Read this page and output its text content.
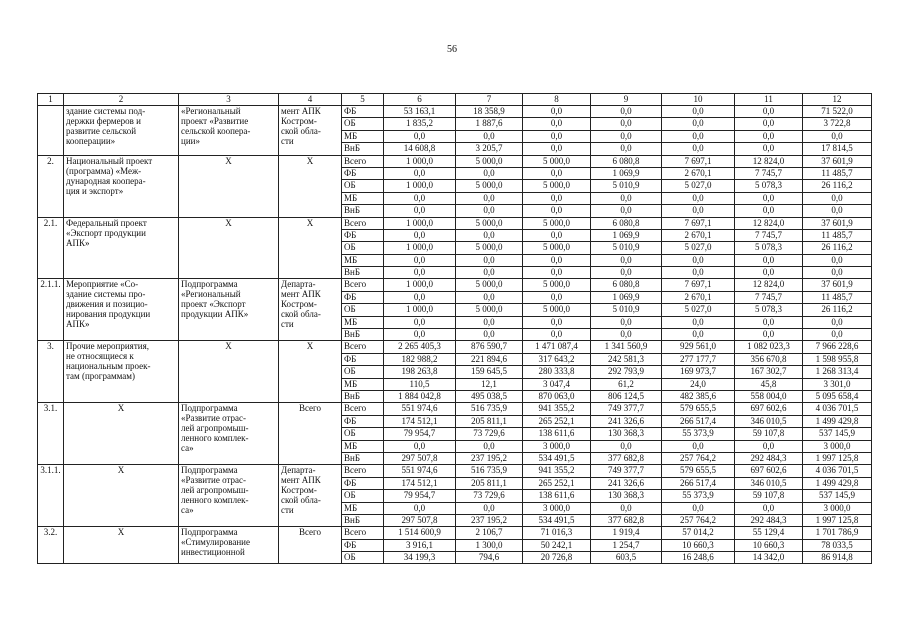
56
1	2	3	4	5	6	7	8	9	10	11	12
	здание системы под-
держки фермеров и
развитие сельской
кооперации»	«Региональный
проект «Развитие
сельской коопера-
ции»	мент АПК
Костром-
ской обла-
сти	ФБ	53 163,1	18 358,9	0,0	0,0	0,0	0,0	71 522,0
				ОБ	1 835,2	1 887,6	0,0	0,0	0,0	0,0	3 722,8
				МБ	0,0	0,0	0,0	0,0	0,0	0,0	0,0
				ВнБ	14 608,8	3 205,7	0,0	0,0	0,0	0,0	17 814,5
2.	Национальный проект
(программа) «Меж-
дународная коопера-
ция и экспорт»	Х	Х	Всего	1 000,0	5 000,0	5 000,0	6 080,8	7 697,1	12 824,0	37 601,9
				ФБ	0,0	0,0	0,0	1 069,9	2 670,1	7 745,7	11 485,7
				ОБ	1 000,0	5 000,0	5 000,0	5 010,9	5 027,0	5 078,3	26 116,2
				МБ	0,0	0,0	0,0	0,0	0,0	0,0	0,0
				ВнБ	0,0	0,0	0,0	0,0	0,0	0,0	0,0
2.1.	Федеральный проект
«Экспорт продукции
АПК»	Х	Х	Всего	1 000,0	5 000,0	5 000,0	6 080,8	7 697,1	12 824,0	37 601,9
				ФБ	0,0	0,0	0,0	1 069,9	2 670,1	7 745,7	11 485,7
				ОБ	1 000,0	5 000,0	5 000,0	5 010,9	5 027,0	5 078,3	26 116,2
				МБ	0,0	0,0	0,0	0,0	0,0	0,0	0,0
				ВнБ	0,0	0,0	0,0	0,0	0,0	0,0	0,0
2.1.1.	Мероприятие «Со-
здание системы про-
движения и позицио-
нирования продукции
АПК»	Подпрограмма
«Региональный
проект «Экспорт
продукции АПК»	Департа-
мент АПК
Костром-
ской обла-
сти	Всего	1 000,0	5 000,0	5 000,0	6 080,8	7 697,1	12 824,0	37 601,9
				ФБ	0,0	0,0	0,0	1 069,9	2 670,1	7 745,7	11 485,7
				ОБ	1 000,0	5 000,0	5 000,0	5 010,9	5 027,0	5 078,3	26 116,2
				МБ	0,0	0,0	0,0	0,0	0,0	0,0	0,0
				ВнБ	0,0	0,0	0,0	0,0	0,0	0,0	0,0
3.	Прочие мероприятия,
не относящиеся к
национальным проек-
там (программам)	Х	Х	Всего	2 265 405,3	876 590,7	1 471 087,4	1 341 560,9	929 561,0	1 082 023,3	7 966 228,6
				ФБ	182 988,2	221 894,6	317 643,2	242 581,3	277 177,7	356 670,8	1 598 955,8
				ОБ	198 263,8	159 645,5	280 333,8	292 793,9	169 973,7	167 302,7	1 268 313,4
				МБ	110,5	12,1	3 047,4	61,2	24,0	45,8	3 301,0
				ВнБ	1 884 042,8	495 038,5	870 063,0	806 124,5	482 385,6	558 004,0	5 095 658,4
3.1.	Х	Подпрограмма
«Развитие отрас-
лей агропромыш-
ленного комплек-
са»	Всего	Всего	551 974,6	516 735,9	941 355,2	749 377,7	579 655,5	697 602,6	4 036 701,5
				ФБ	174 512,1	205 811,1	265 252,1	241 326,6	266 517,4	346 010,5	1 499 429,8
				ОБ	79 954,7	73 729,6	138 611,6	130 368,3	55 373,9	59 107,8	537 145,9
				МБ	0,0	0,0	3 000,0	0,0	0,0	0,0	3 000,0
				ВнБ	297 507,8	237 195,2	534 491,5	377 682,8	257 764,2	292 484,3	1 997 125,8
3.1.1.	Х	Подпрограмма
«Развитие отрас-
лей агропромыш-
ленного комплек-
са»	Департа-
мент АПК
Костром-
ской обла-
сти	Всего	551 974,6	516 735,9	941 355,2	749 377,7	579 655,5	697 602,6	4 036 701,5
				ФБ	174 512,1	205 811,1	265 252,1	241 326,6	266 517,4	346 010,5	1 499 429,8
				ОБ	79 954,7	73 729,6	138 611,6	130 368,3	55 373,9	59 107,8	537 145,9
				МБ	0,0	0,0	3 000,0	0,0	0,0	0,0	3 000,0
				ВнБ	297 507,8	237 195,2	534 491,5	377 682,8	257 764,2	292 484,3	1 997 125,8
3.2.	Х	Подпрограмма
«Стимулирование
инвестиционной	Всего	Всего	1 514 600,9	2 106,7	71 016,3	1 919,4	57 014,2	55 129,4	1 701 786,9
				ФБ	3 916,1	1 300,0	50 242,1	1 254,7	10 660,3	10 660,3	78 033,5
				ОБ	34 199,3	794,6	20 726,8	603,5	16 248,6	14 342,0	86 914,8
